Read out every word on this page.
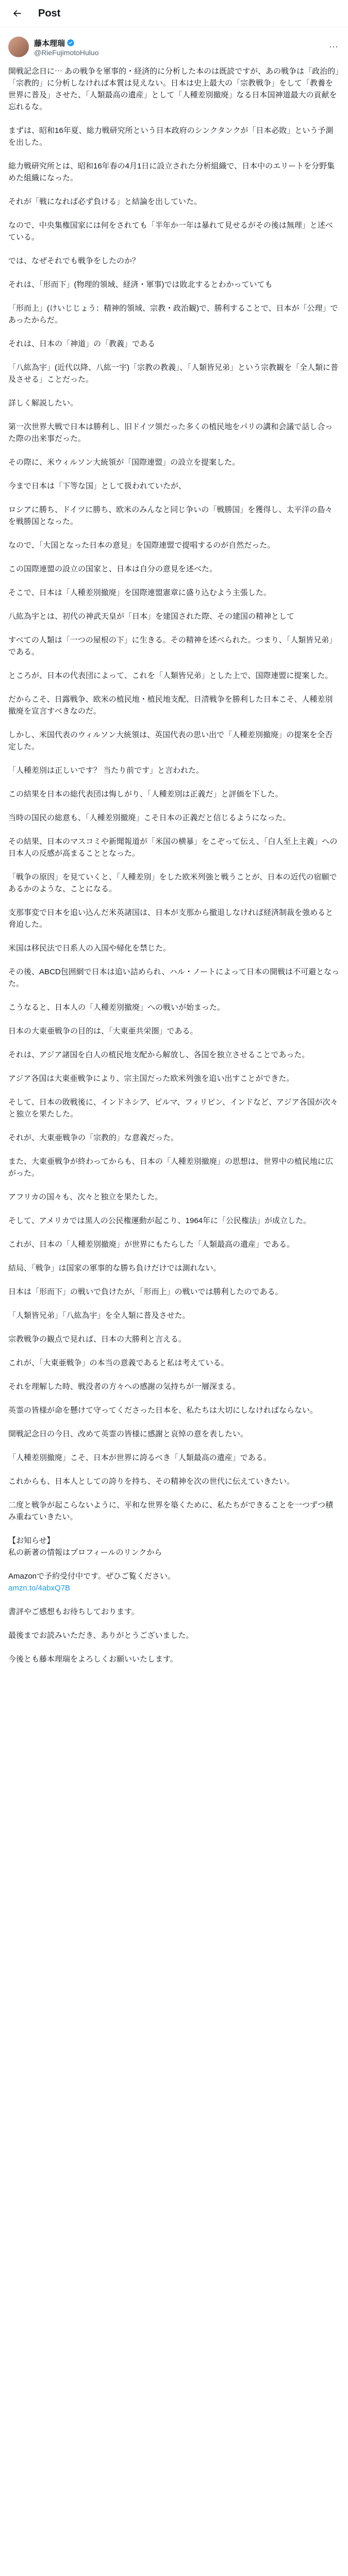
Post
藤本理瑞
@RieFujimotoHuluo
⋯
開戦記念日に⋯ あの戦争を軍事的・経済的に分析した本のは既読ですが、あの戦争は「政治的」「宗教的」に分析しなければ本質は見えない。日本は史上最大の「宗教戦争」をして「教養を世界に普及」させた、「人類最高の遺産」として「人種差別撤廃」なる日本国神道最大の貢献を忘れるな。

まずは、昭和16年夏、総力戦研究所という日本政府のシンクタンクが「日本必敗」という予測を出した。

総力戦研究所とは、昭和16年春の4月1日に設立された分析組織で、日本中のエリートを分野集めた組織になった。

それが「戦になれば必ず負ける」と結論を出していた。

なので、中央集権国家には何をされても「半年か一年は暴れて見せるがその後は無理」と述べている。

では、なぜそれでも戦争をしたのか？

それは、「形而下」(物理的領域、経済・軍事)では敗北するとわかっていても

「形而上」(けいじじょう：精神的領域、宗教・政治観)で、勝利することで、日本が「公理」であったからだ。

それは、日本の「神道」の「教義」である

「八紘為宇」(近代以降、八紘一宇)「宗教の教義」、「人類皆兄弟」という宗教観を「全人類に普及させる」ことだった。

詳しく解説したい。

第一次世界大戦で日本は勝利し、旧ドイツ領だった多くの植民地をパリの講和会議で話し合った際の出来事だった。

その際に、米ウィルソン大統領が「国際連盟」の設立を提案した。

今まで日本は「下等な国」として扱われていたが、

ロシアに勝ち、ドイツに勝ち、欧米のみんなと同じ争いの「戦勝国」を獲得し、太平洋の島々を戦勝国となった。

なので、「大国となった日本の意見」を国際連盟で提唱するのが自然だった。

この国際連盟の設立の国家と、日本は自分の意見を述べた。

そこで、日本は「人種差別撤廃」を国際連盟憲章に盛り込むよう主張した。

八紘為宇とは、初代の神武天皇が「日本」を建国された際、その建国の精神として

すべての人類は「一つの屋根の下」に生きる。その精神を述べられた。つまり、「人類皆兄弟」である。

ところが、日本の代表団によって、これを「人類皆兄弟」とした上で、国際連盟に提案した。

だからこそ、日露戦争、欧米の植民地・植民地支配、日清戦争を勝利した日本こそ、人種差別撤廃を宣言すべきなのだ。

しかし、米国代表のウィルソン大統領は、英国代表の思い出で「人種差別撤廃」の提案を全否定した。

「人種差別は正しいです？ 当たり前です」と言われた。

この結果を日本の総代表団は悔しがり、「人種差別は正義だ」と評価を下した。

当時の国民の総意も、「人種差別撤廃」こそ日本の正義だと信じるようになった。

その結果、日本のマスコミや新聞報道が「米国の横暴」をこぞって伝え、「白人至上主義」への日本人の反感が高まることとなった。

「戦争の原因」を見ていくと、「人種差別」をした欧米列強と戦うことが、日本の近代の宿願であるかのような、ことになる。

支那事変で日本を追い込んだ米英諸国は、日本が支那から撤退しなければ経済制裁を強めると脅迫した。

米国は移民法で日系人の入国や帰化を禁じた。

その後、ABCD包囲網で日本は追い詰められ、ハル・ノートによって日本の開戦は不可避となった。

こうなると、日本人の「人種差別撤廃」への戦いが始まった。

日本の大東亜戦争の目的は、「大東亜共栄圏」である。

それは、アジア諸国を白人の植民地支配から解放し、各国を独立させることであった。

アジア各国は大東亜戦争により、宗主国だった欧米列強を追い出すことができた。

そして、日本の敗戦後に、インドネシア、ビルマ、フィリピン、インドなど、アジア各国が次々と独立を果たした。

それが、大東亜戦争の「宗教的」な意義だった。

また、大東亜戦争が終わってからも、日本の「人種差別撤廃」の思想は、世界中の植民地に広がった。

アフリカの国々も、次々と独立を果たした。

そして、アメリカでは黒人の公民権運動が起こり、1964年に「公民権法」が成立した。

これが、日本の「人種差別撤廃」が世界にもたらした「人類最高の遺産」である。

結局、「戦争」は国家の軍事的な勝ち負けだけでは測れない。

日本は「形而下」の戦いで負けたが、「形而上」の戦いでは勝利したのである。

「人類皆兄弟」「八紘為宇」を全人類に普及させた。

宗教戦争の観点で見れば、日本の大勝利と言える。

これが、「大東亜戦争」の本当の意義であると私は考えている。

それを理解した時、戦没者の方々への感謝の気持ちが一層深まる。

英霊の皆様が命を懸けて守ってくださった日本を、私たちは大切にしなければならない。

開戦記念日の今日、改めて英霊の皆様に感謝と哀悼の意を表したい。

「人種差別撤廃」こそ、日本が世界に誇るべき「人類最高の遺産」である。

これからも、日本人としての誇りを持ち、その精神を次の世代に伝えていきたい。

二度と戦争が起こらないように、平和な世界を築くために、私たちができることを一つずつ積み重ねていきたい。

【お知らせ】
私の新著の情報はプロフィールのリンクから

Amazonで予約受付中です。ぜひご覧ください。
amzn.to/4abxQ7B

書評やご感想もお待ちしております。

最後までお読みいただき、ありがとうございました。

今後とも藤本理瑞をよろしくお願いいたします。
